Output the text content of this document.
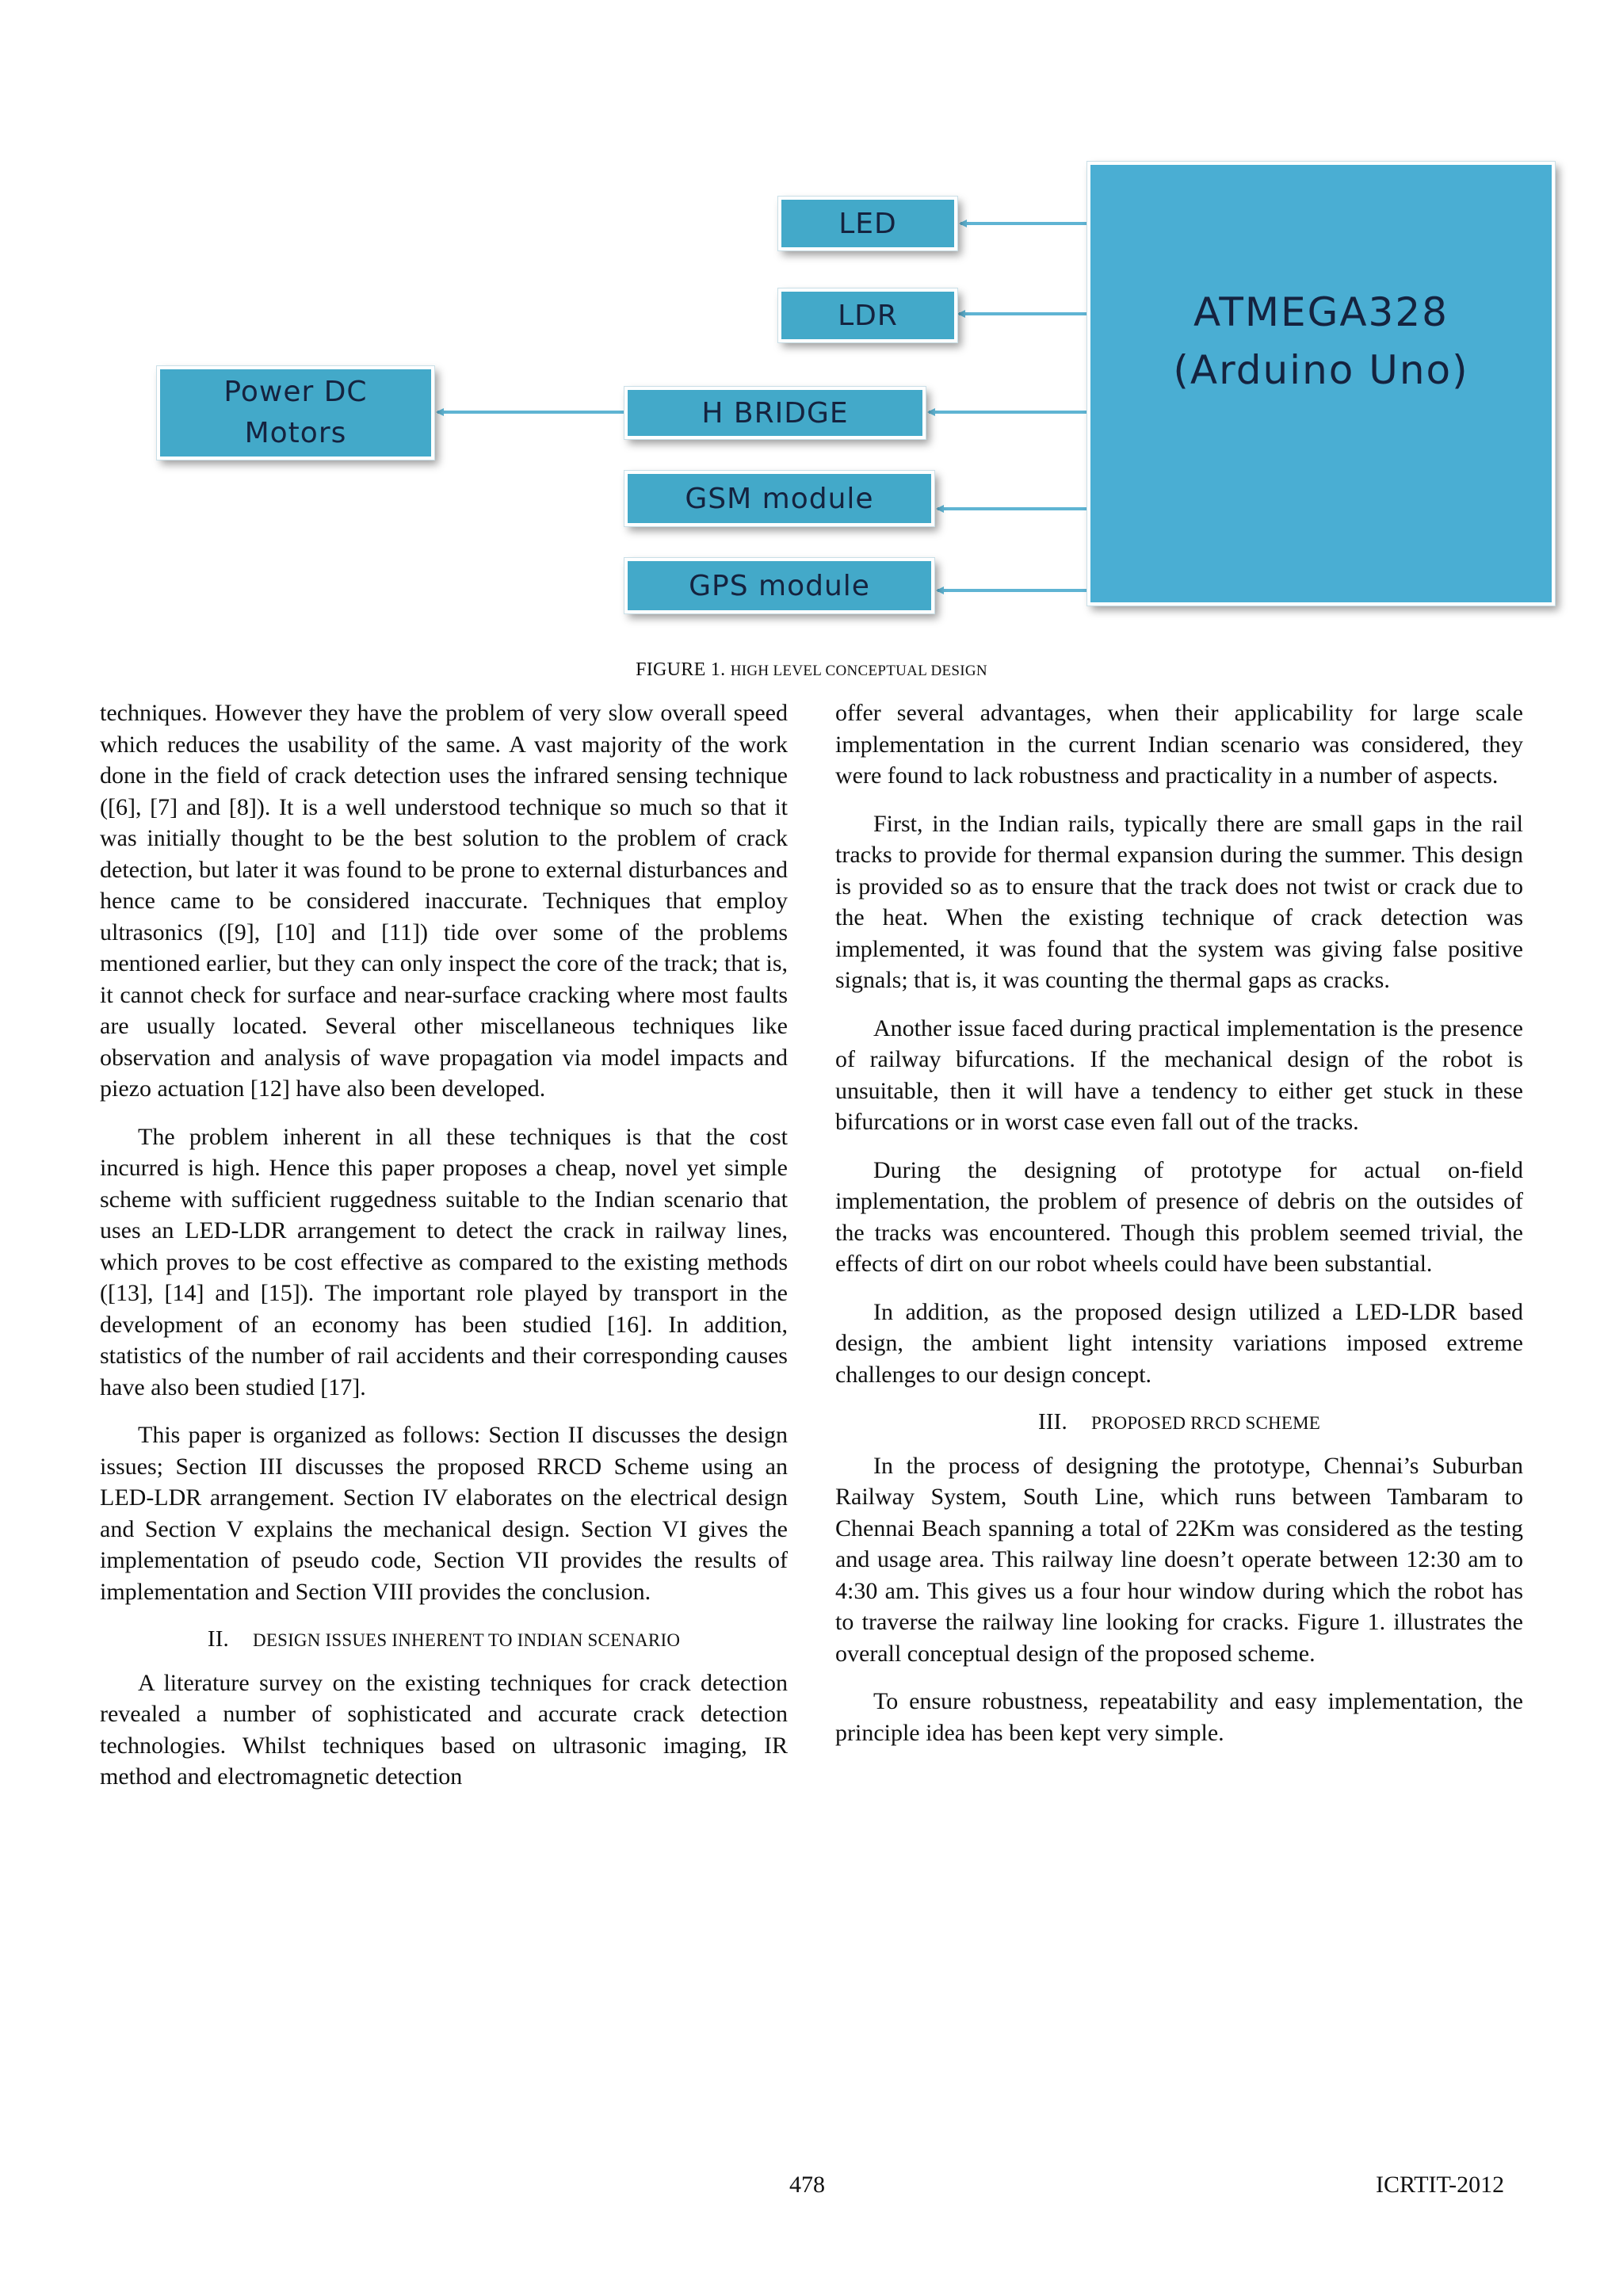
LED
LDR	ATMEGA328
(Arduino Uno)
Power DC
Motors
H BRIDGE
GSM module
GPS module
FIGURE 1. HIGH LEVEL CONCEPTUAL DESIGN

techniques. However they have the problem of very slow overall speed which reduces the usability of the same. A vast majority of the work done in the field of crack detection uses the infrared sensing technique ([6], [7] and [8]). It is a well understood technique so much so that it was initially thought to be the best solution to the problem of crack detection, but later it was found to be prone to external disturbances and hence came to be considered inaccurate. Techniques that employ ultrasonics ([9], [10] and [11]) tide over some of the problems mentioned earlier, but they can only inspect the core of the track; that is, it cannot check for surface and near-surface cracking where most faults are usually located. Several other miscellaneous techniques like observation and analysis of wave propagation via model impacts and piezo actuation [12] have also been developed.

The problem inherent in all these techniques is that the cost incurred is high. Hence this paper proposes a cheap, novel yet simple scheme with sufficient ruggedness suitable to the Indian scenario that uses an LED-LDR arrangement to detect the crack in railway lines, which proves to be cost effective as compared to the existing methods ([13], [14] and [15]). The important role played by transport in the development of an economy has been studied [16]. In addition, statistics of the number of rail accidents and their corresponding causes have also been studied [17].

This paper is organized as follows: Section II discusses the design issues; Section III discusses the proposed RRCD Scheme using an LED-LDR arrangement. Section IV elaborates on the electrical design and Section V explains the mechanical design. Section VI gives the implementation of pseudo code, Section VII provides the results of implementation and Section VIII provides the conclusion.

II. DESIGN ISSUES INHERENT TO INDIAN SCENARIO

A literature survey on the existing techniques for crack detection revealed a number of sophisticated and accurate crack detection technologies. Whilst techniques based on ultrasonic imaging, IR method and electromagnetic detection

offer several advantages, when their applicability for large scale implementation in the current Indian scenario was considered, they were found to lack robustness and practicality in a number of aspects.

First, in the Indian rails, typically there are small gaps in the rail tracks to provide for thermal expansion during the summer. This design is provided so as to ensure that the track does not twist or crack due to the heat. When the existing technique of crack detection was implemented, it was found that the system was giving false positive signals; that is, it was counting the thermal gaps as cracks.

Another issue faced during practical implementation is the presence of railway bifurcations. If the mechanical design of the robot is unsuitable, then it will have a tendency to either get stuck in these bifurcations or in worst case even fall out of the tracks.

During the designing of prototype for actual on-field implementation, the problem of presence of debris on the outsides of the tracks was encountered. Though this problem seemed trivial, the effects of dirt on our robot wheels could have been substantial.

In addition, as the proposed design utilized a LED-LDR based design, the ambient light intensity variations imposed extreme challenges to our design concept.

III. PROPOSED RRCD SCHEME

In the process of designing the prototype, Chennai’s Suburban Railway System, South Line, which runs between Tambaram to Chennai Beach spanning a total of 22Km was considered as the testing and usage area. This railway line doesn’t operate between 12:30 am to 4:30 am. This gives us a four hour window during which the robot has to traverse the railway line looking for cracks. Figure 1. illustrates the overall conceptual design of the proposed scheme.

To ensure robustness, repeatability and easy implementation, the principle idea has been kept very simple.

478	ICRTIT-2012
